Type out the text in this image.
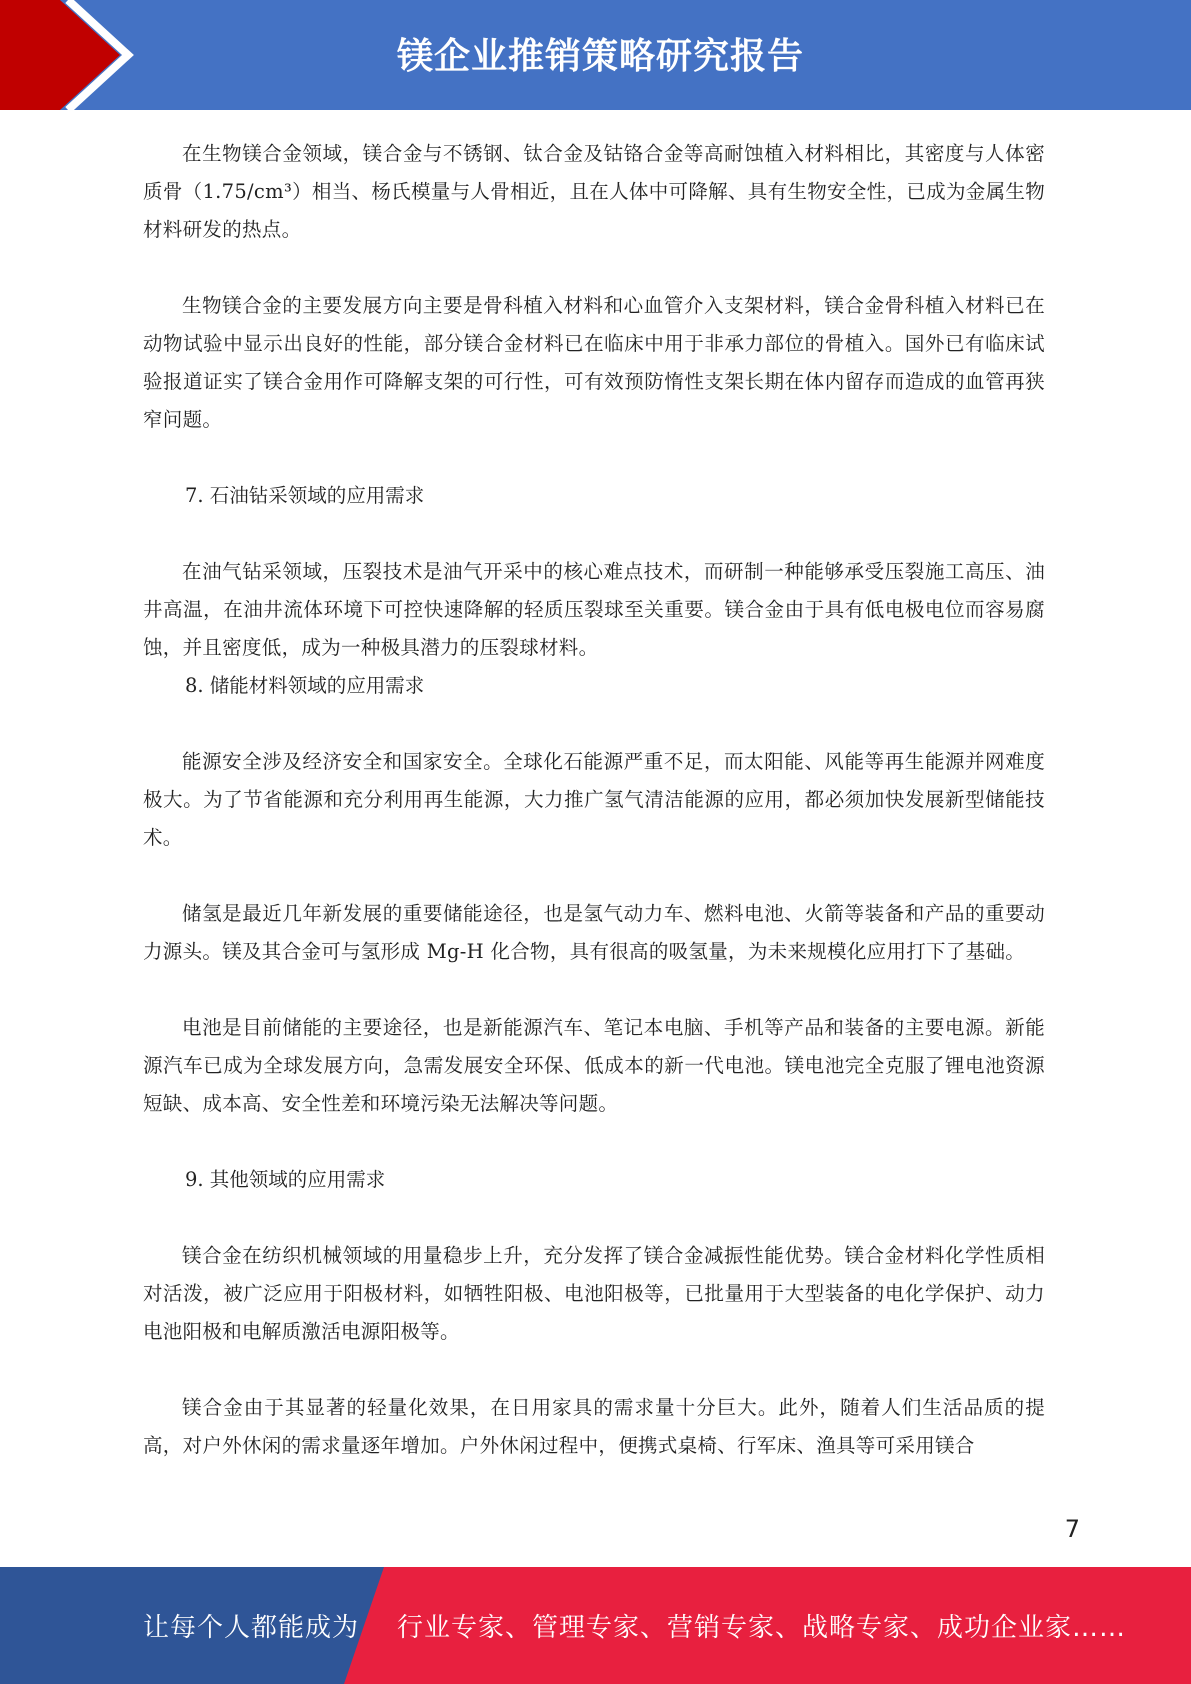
镁企业推销策略研究报告

在生物镁合金领域，镁合金与不锈钢、钛合金及钴铬合金等高耐蚀植入材料相比，其密度与人体密质骨（1.75/cm³）相当、杨氏模量与人骨相近，且在人体中可降解、具有生物安全性，已成为金属生物材料研发的热点。

生物镁合金的主要发展方向主要是骨科植入材料和心血管介入支架材料，镁合金骨科植入材料已在动物试验中显示出良好的性能，部分镁合金材料已在临床中用于非承力部位的骨植入。国外已有临床试验报道证实了镁合金用作可降解支架的可行性，可有效预防惰性支架长期在体内留存而造成的血管再狭窄问题。

7. 石油钻采领域的应用需求

在油气钻采领域，压裂技术是油气开采中的核心难点技术，而研制一种能够承受压裂施工高压、油井高温，在油井流体环境下可控快速降解的轻质压裂球至关重要。镁合金由于具有低电极电位而容易腐蚀，并且密度低，成为一种极具潜力的压裂球材料。

8. 储能材料领域的应用需求

能源安全涉及经济安全和国家安全。全球化石能源严重不足，而太阳能、风能等再生能源并网难度极大。为了节省能源和充分利用再生能源，大力推广氢气清洁能源的应用，都必须加快发展新型储能技术。

储氢是最近几年新发展的重要储能途径，也是氢气动力车、燃料电池、火箭等装备和产品的重要动力源头。镁及其合金可与氢形成 Mg-H 化合物，具有很高的吸氢量，为未来规模化应用打下了基础。

电池是目前储能的主要途径，也是新能源汽车、笔记本电脑、手机等产品和装备的主要电源。新能源汽车已成为全球发展方向，急需发展安全环保、低成本的新一代电池。镁电池完全克服了锂电池资源短缺、成本高、安全性差和环境污染无法解决等问题。

9. 其他领域的应用需求

镁合金在纺织机械领域的用量稳步上升，充分发挥了镁合金减振性能优势。镁合金材料化学性质相对活泼，被广泛应用于阳极材料，如牺牲阳极、电池阳极等，已批量用于大型装备的电化学保护、动力电池阳极和电解质激活电源阳极等。

镁合金由于其显著的轻量化效果，在日用家具的需求量十分巨大。此外，随着人们生活品质的提高，对户外休闲的需求量逐年增加。户外休闲过程中，便携式桌椅、行军床、渔具等可采用镁合

7
让每个人都能成为 行业专家、管理专家、营销专家、战略专家、成功企业家……
